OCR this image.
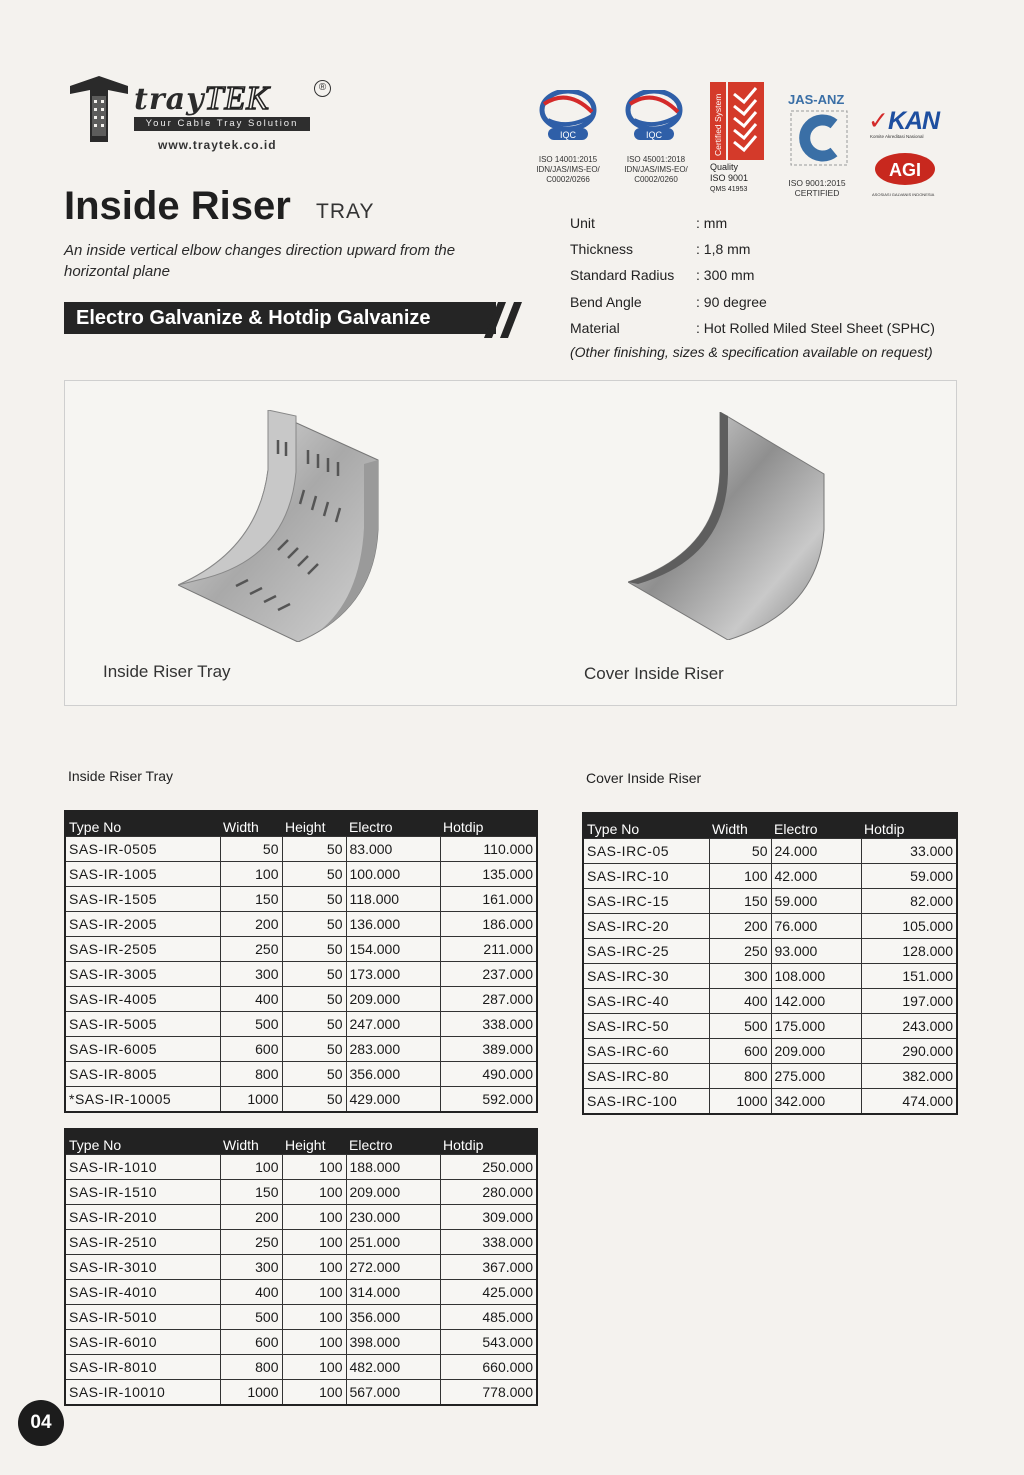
trayTEK	®
Your Cable Tray Solution
www.traytek.co.id
IQC	IQC
ISO 14001:2015 IDN/JAS/IMS-EO/ C0002/0266
ISO 45001:2018 IDN/JAS/IMS-EO/ C0002/0260
Certified System
Quality
ISO 9001
QMS 41953
JAS-ANZ
ISO 9001:2015 CERTIFIED
✓KAN
Komite Akreditasi Nasional
AGI
ASOSIASI GALVANIS INDONESIA
Inside Riser TRAY
An inside vertical elbow changes direction upward from the horizontal plane
Electro Galvanize & Hotdip Galvanize
Unit	: mm
Thickness	: 1,8 mm
Standard Radius	: 300 mm
Bend Angle	: 90 degree
Material	: Hot Rolled Miled Steel Sheet (SPHC)
(Other finishing, sizes & specification available on request)
Inside Riser Tray	Cover Inside Riser
Inside Riser Tray	Cover Inside Riser
Type No	Width	Height	Electro	Hotdip
SAS-IR-0505	50	50	83.000	110.000
SAS-IR-1005	100	50	100.000	135.000
SAS-IR-1505	150	50	118.000	161.000
SAS-IR-2005	200	50	136.000	186.000
SAS-IR-2505	250	50	154.000	211.000
SAS-IR-3005	300	50	173.000	237.000
SAS-IR-4005	400	50	209.000	287.000
SAS-IR-5005	500	50	247.000	338.000
SAS-IR-6005	600	50	283.000	389.000
SAS-IR-8005	800	50	356.000	490.000
*SAS-IR-10005	1000	50	429.000	592.000
Type No	Width	Height	Electro	Hotdip
SAS-IR-1010	100	100	188.000	250.000
SAS-IR-1510	150	100	209.000	280.000
SAS-IR-2010	200	100	230.000	309.000
SAS-IR-2510	250	100	251.000	338.000
SAS-IR-3010	300	100	272.000	367.000
SAS-IR-4010	400	100	314.000	425.000
SAS-IR-5010	500	100	356.000	485.000
SAS-IR-6010	600	100	398.000	543.000
SAS-IR-8010	800	100	482.000	660.000
SAS-IR-10010	1000	100	567.000	778.000
Type No	Width	Electro	Hotdip
SAS-IRC-05	50	24.000	33.000
SAS-IRC-10	100	42.000	59.000
SAS-IRC-15	150	59.000	82.000
SAS-IRC-20	200	76.000	105.000
SAS-IRC-25	250	93.000	128.000
SAS-IRC-30	300	108.000	151.000
SAS-IRC-40	400	142.000	197.000
SAS-IRC-50	500	175.000	243.000
SAS-IRC-60	600	209.000	290.000
SAS-IRC-80	800	275.000	382.000
SAS-IRC-100	1000	342.000	474.000
04
